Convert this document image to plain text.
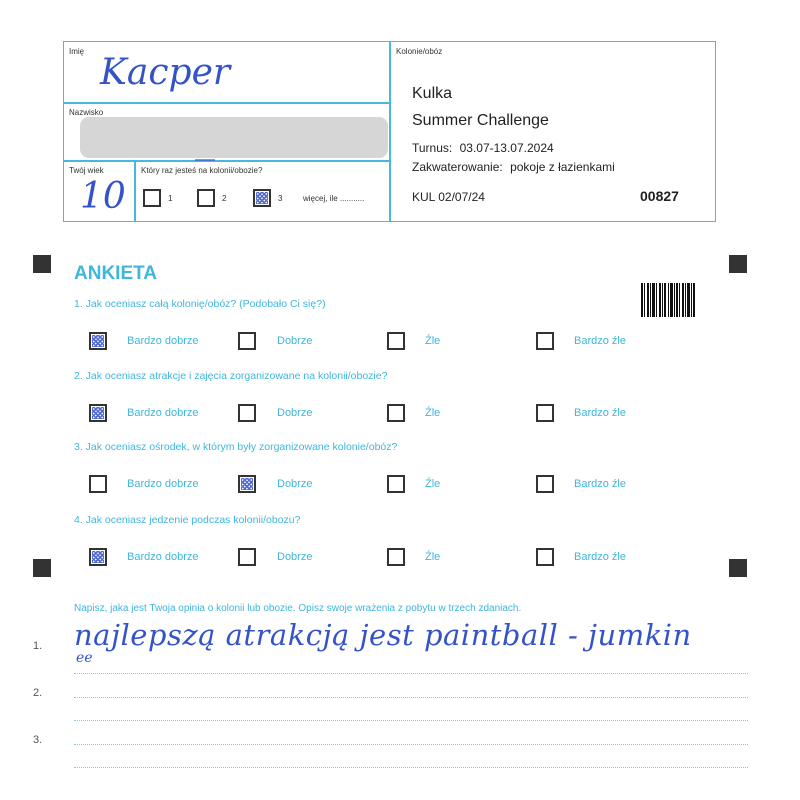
Imię
Kacper
Nazwisko
Twój wiek
10
Który raz jesteś na kolonii/obozie?
1	2	3	więcej, ile ...........
Kolonie/obóz
Kulka
Summer Challenge
Turnus: 03.07-13.07.2024
Zakwaterowanie: pokoje z łazienkami
KUL 02/07/24	00827
ANKIETA
1. Jak oceniasz całą kolonię/obóz? (Podobało Ci się?)
Bardzo dobrze	Dobrze	Źle	Bardzo źle
2. Jak oceniasz atrakcje i zajęcia zorganizowane na kolonii/obozie?
Bardzo dobrze	Dobrze	Źle	Bardzo źle
3. Jak oceniasz ośrodek, w którym były zorganizowane kolonie/obóz?
Bardzo dobrze	Dobrze	Źle	Bardzo źle
4. Jak oceniasz jedzenie podczas kolonii/obozu?
Bardzo dobrze	Dobrze	Źle	Bardzo źle
Napisz, jaka jest Twoja opinia o kolonii lub obozie. Opisz swoje wrażenia z pobytu w trzech zdaniach.
1.
2.
3.
najlepszą atrakcją jest paintball - jumkin
ee
